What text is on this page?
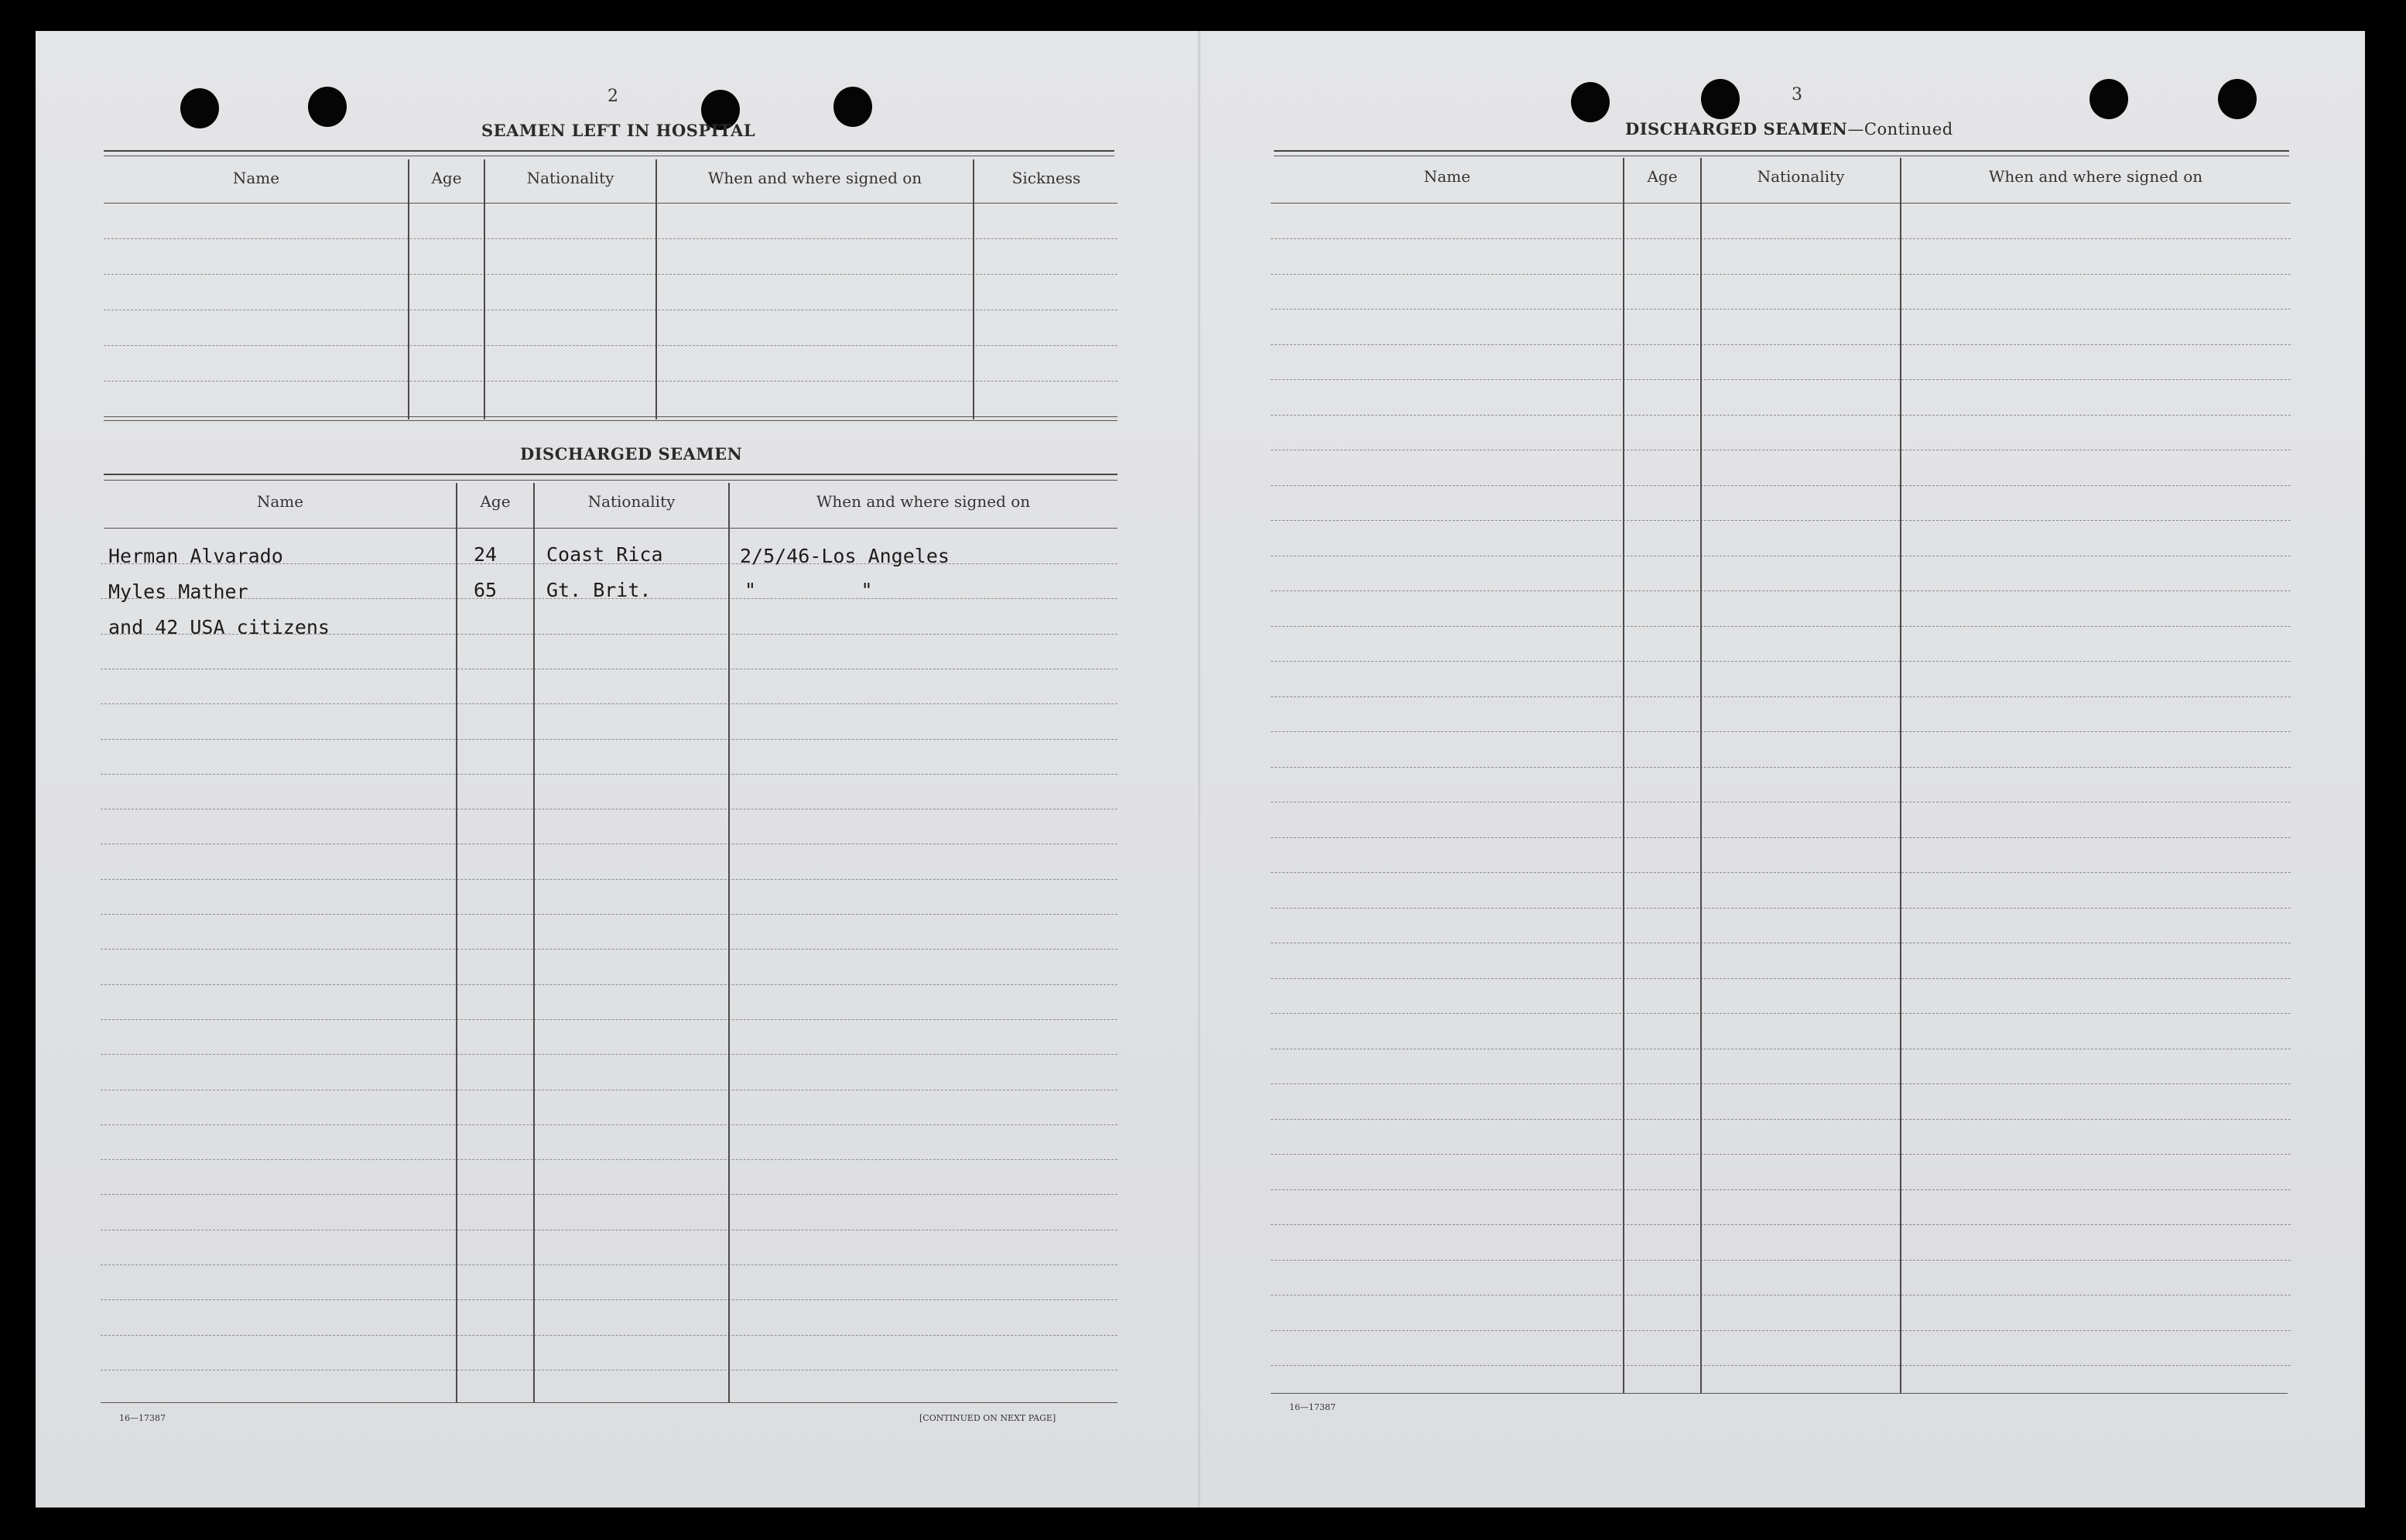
2
SEAMEN LEFT IN HOSPITAL
Name	Age	Nationality	When and where signed on	Sickness
DISCHARGED SEAMEN
Name	Age	Nationality	When and where signed on
Herman Alvarado	24	Coast Rica	2/5/46-Los Angeles
Myles Mather	65	Gt. Brit.	"         "
and 42 USA citizens
16—17387	[CONTINUED ON NEXT PAGE]
3
DISCHARGED SEAMEN—Continued
Name	Age	Nationality	When and where signed on
16—17387
